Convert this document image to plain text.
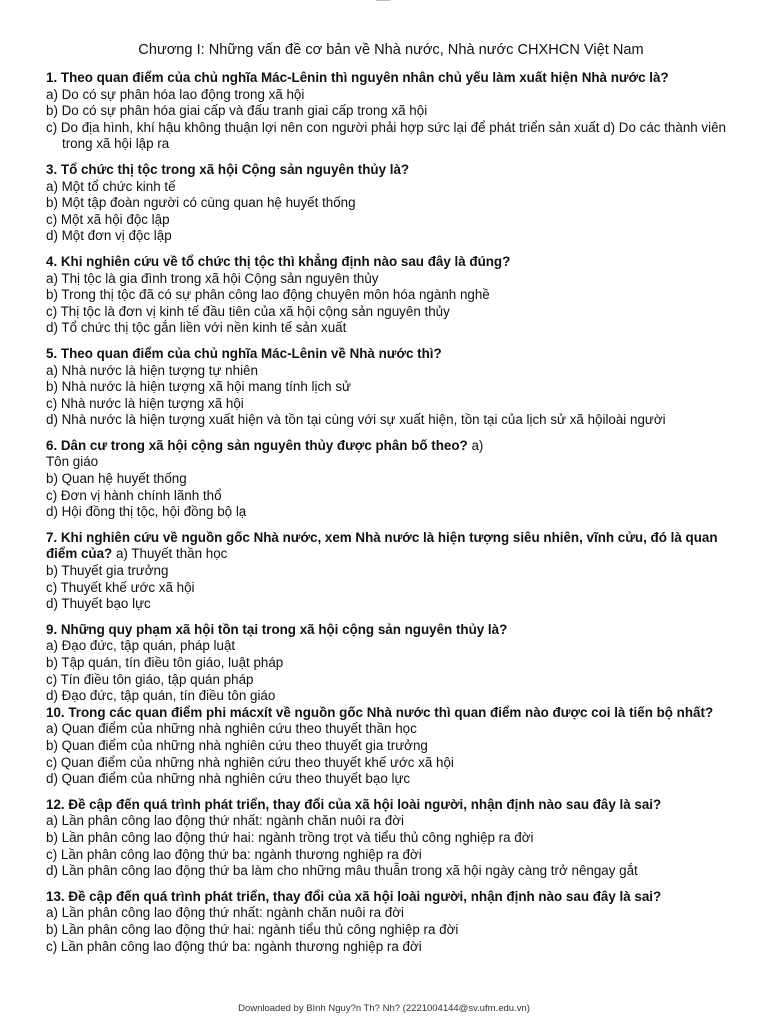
Chương I: Những vấn đề cơ bản về Nhà nước, Nhà nước CHXHCN Việt Nam
1. Theo quan điểm của chủ nghĩa Mác-Lênin thì nguyên nhân chủ yếu làm xuất hiện Nhà nước là?
a) Do có sự phân hóa lao động trong xã hội
b) Do có sự phân hóa giai cấp và đấu tranh giai cấp trong xã hội
c) Do địa hình, khí hậu không thuận lợi nên con người phải hợp sức lại để phát triển sản xuất d) Do các thành viên trong xã hội lập ra
3. Tổ chức thị tộc trong xã hội Cộng sản nguyên thủy là?
a) Một tổ chức kinh tế
b) Một tập đoàn người có cùng quan hệ huyết thống
c) Một xã hội độc lập
d) Một đơn vị độc lập
4. Khi nghiên cứu về tổ chức thị tộc thì khẳng định nào sau đây là đúng?
a) Thị tộc là gia đình trong xã hội Cộng sản nguyên thủy
b) Trong thị tộc đã có sự phân công lao động chuyên môn hóa ngành nghề
c) Thị tộc là đơn vị kinh tế đầu tiên của xã hội cộng sản nguyên thủy
d) Tổ chức thị tộc gắn liền với nền kinh tế sản xuất
5. Theo quan điểm của chủ nghĩa Mác-Lênin về Nhà nước thì?
a) Nhà nước là hiện tượng tự nhiên
b) Nhà nước là hiện tượng xã hội mang tính lịch sử
c) Nhà nước là hiện tượng xã hội
d) Nhà nước là hiện tượng xuất hiện và tồn tại cùng với sự xuất hiện, tồn tại của lịch sử xã hộiloài người
6. Dân cư trong xã hội cộng sản nguyên thủy được phân bố theo? a)
Tôn giáo
b) Quan hệ huyết thống
c) Đơn vị hành chính lãnh thổ
d) Hội đồng thị tộc, hội đồng bộ lạ
7. Khi nghiên cứu về nguồn gốc Nhà nước, xem Nhà nước là hiện tượng siêu nhiên, vĩnh cửu, đó là quan điểm của? a) Thuyết thần học
b) Thuyết gia trưởng
c) Thuyết khế ước xã hội
d) Thuyết bạo lực
9. Những quy phạm xã hội tồn tại trong xã hội cộng sản nguyên thủy là?
a) Đạo đức, tập quán, pháp luật
b) Tập quán, tín điều tôn giáo, luật pháp
c) Tín điều tôn giáo, tập quán pháp
d) Đạo đức, tập quán, tín điều tôn giáo
10. Trong các quan điểm phi mácxít về nguồn gốc Nhà nước thì quan điểm nào được coi là tiến bộ nhất?
a) Quan điểm của những nhà nghiên cứu theo thuyết thần học
b) Quan điểm của những nhà nghiên cứu theo thuyết gia trưởng
c) Quan điểm của những nhà nghiên cứu theo thuyết khế ước xã hội
d) Quan điểm của những nhà nghiên cứu theo thuyết bạo lực
12. Đề cập đến quá trình phát triển, thay đổi của xã hội loài người, nhận định nào sau đây là sai?
a) Lần phân công lao động thứ nhất: ngành chăn nuôi ra đời
b) Lần phân công lao động thứ hai: ngành trồng trọt và tiểu thủ công nghiệp ra đời
c) Lần phân công lao động thứ ba: ngành thương nghiệp ra đời
d) Lần phân công lao động thứ ba làm cho những mâu thuẫn trong xã hội ngày càng trở nêngay gắt
13. Đề cập đến quá trình phát triển, thay đổi của xã hội loài người, nhận định nào sau đây là sai?
a) Lần phân công lao động thứ nhất: ngành chăn nuôi ra đời
b) Lần phân công lao động thứ hai: ngành tiểu thủ công nghiệp ra đời
c) Lần phân công lao động thứ ba: ngành thương nghiệp ra đời
Downloaded by Bình Nguy?n Th? Nh? (2221004144@sv.ufm.edu.vn)
